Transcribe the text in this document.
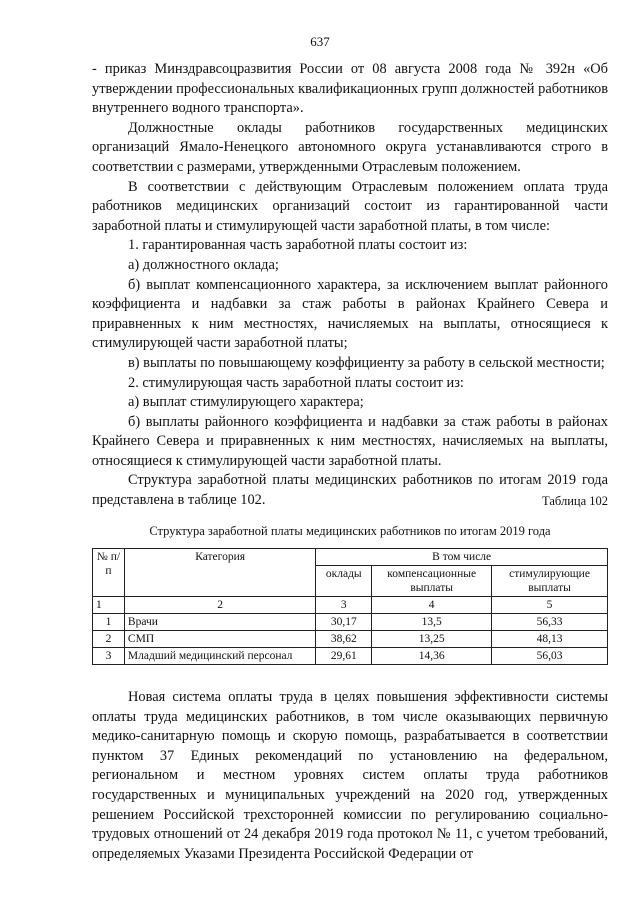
637

- приказ Минздравсоцразвития России от 08 августа 2008 года № 392н «Об утверждении профессиональных квалификационных групп должностей работников внутреннего водного транспорта».

Должностные оклады работников государственных медицинских организаций Ямало-Ненецкого автономного округа устанавливаются строго в соответствии с размерами, утвержденными Отраслевым положением.

В соответствии с действующим Отраслевым положением оплата труда работников медицинских организаций состоит из гарантированной части заработной платы и стимулирующей части заработной платы, в том числе:

1. гарантированная часть заработной платы состоит из:

а) должностного оклада;

б) выплат компенсационного характера, за исключением выплат районного коэффициента и надбавки за стаж работы в районах Крайнего Севера и приравненных к ним местностях, начисляемых на выплаты, относящиеся к стимулирующей части заработной платы;

в) выплаты по повышающему коэффициенту за работу в сельской местности;

2. стимулирующая часть заработной платы состоит из:

а) выплат стимулирующего характера;

б) выплаты районного коэффициента и надбавки за стаж работы в районах Крайнего Севера и приравненных к ним местностях, начисляемых на выплаты, относящиеся к стимулирующей части заработной платы.

Структура заработной платы медицинских работников по итогам 2019 года представлена в таблице 102.	Таблица 102
Структура заработной платы медицинских работников по итогам 2019 года
№ п/п	Категория	В том числе		
		оклады	компенсационные выплаты	стимулирующие выплаты
1	2	3	4	5
1	Врачи	30,17	13,5	56,33
2	СМП	38,62	13,25	48,13
3	Младший медицинский персонал	29,61	14,36	56,03

Новая система оплаты труда в целях повышения эффективности системы оплаты труда медицинских работников, в том числе оказывающих первичную медико-санитарную помощь и скорую помощь, разрабатывается в соответствии пунктом 37 Единых рекомендаций по установлению на федеральном, региональном и местном уровнях систем оплаты труда работников государственных и муниципальных учреждений на 2020 год, утвержденных решением Российской трехсторонней комиссии по регулированию социально-трудовых отношений от 24 декабря 2019 года протокол № 11, с учетом требований, определяемых Указами Президента Российской Федерации от
